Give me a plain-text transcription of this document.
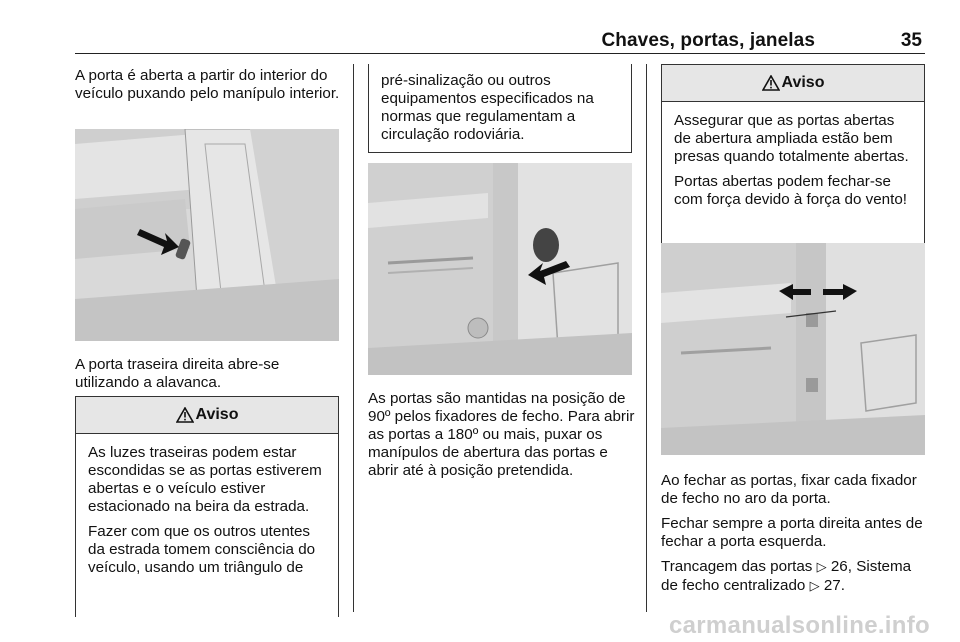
Chaves, portas, janelas	35

A porta é aberta a partir do interior do veículo puxando pelo manípulo interior.

A porta traseira direita abre-se utilizando a alavanca.

Aviso

As luzes traseiras podem estar escondidas se as portas estiverem abertas e o veículo estiver estacionado na beira da estrada.

Fazer com que os outros utentes da estrada tomem consciência do veículo, usando um triângulo de

pré-sinalização ou outros equipamentos especificados na normas que regulamentam a circulação rodoviária.

As portas são mantidas na posição de 90º pelos fixadores de fecho. Para abrir as portas a 180º ou mais, puxar os manípulos de abertura das portas e abrir até à posição pretendida.

Aviso

Assegurar que as portas abertas de abertura ampliada estão bem presas quando totalmente abertas.

Portas abertas podem fechar-se com força devido à força do vento!

Ao fechar as portas, fixar cada fixador de fecho no aro da porta.

Fechar sempre a porta direita antes de fechar a porta esquerda.

Trancagem das portas ▷ 26, Sistema de fecho centralizado ▷ 27.

carmanualsonline.info
